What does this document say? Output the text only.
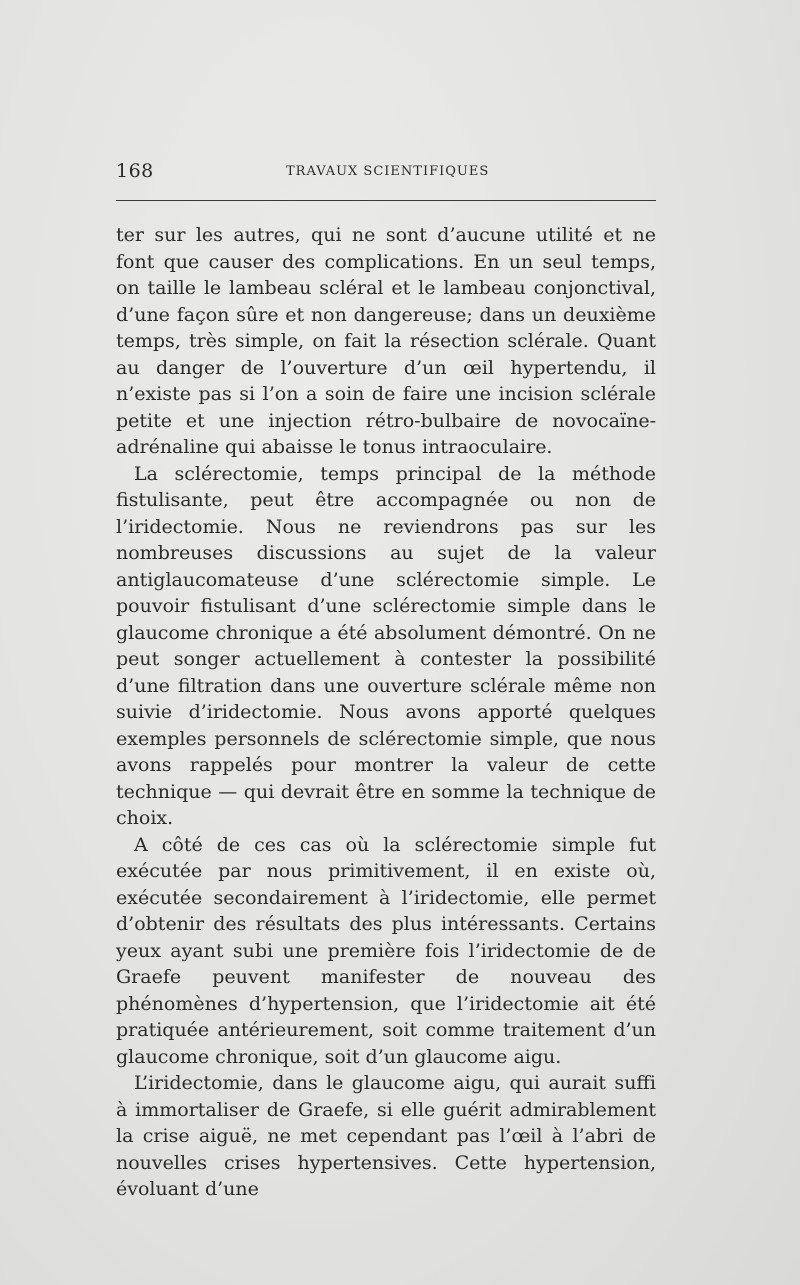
168	TRAVAUX SCIENTIFIQUES

ter sur les autres, qui ne sont d’aucune utilité et ne font que causer des complications. En un seul temps, on taille le lambeau scléral et le lambeau conjonctival, d’une façon sûre et non dangereuse; dans un deuxième temps, très simple, on fait la résection sclérale. Quant au danger de l’ouverture d’un œil hypertendu, il n’existe pas si l’on a soin de faire une incision sclérale petite et une injection rétro-bulbaire de novocaïne-adrénaline qui abaisse le tonus intraoculaire.

La sclérectomie, temps principal de la méthode fistulisante, peut être accompagnée ou non de l’iridectomie. Nous ne reviendrons pas sur les nombreuses discussions au sujet de la valeur antiglaucomateuse d’une sclérectomie simple. Le pouvoir fistulisant d’une sclérectomie simple dans le glaucome chronique a été absolument démontré. On ne peut songer actuellement à contester la possibilité d’une filtration dans une ouverture sclérale même non suivie d’iridectomie. Nous avons apporté quelques exemples personnels de sclérectomie simple, que nous avons rappelés pour montrer la valeur de cette technique — qui devrait être en somme la technique de choix.

A côté de ces cas où la sclérectomie simple fut exécutée par nous primitivement, il en existe où, exécutée secondairement à l’iridectomie, elle permet d’obtenir des résultats des plus intéressants. Certains yeux ayant subi une première fois l’iridectomie de de Graefe peuvent manifester de nouveau des phénomènes d’hypertension, que l’iridectomie ait été pratiquée antérieurement, soit comme traitement d’un glaucome chronique, soit d’un glaucome aigu.

L’iridectomie, dans le glaucome aigu, qui aurait suffi à immortaliser de Graefe, si elle guérit admirablement la crise aiguë, ne met cependant pas l’œil à l’abri de nouvelles crises hypertensives. Cette hypertension, évoluant d’une
